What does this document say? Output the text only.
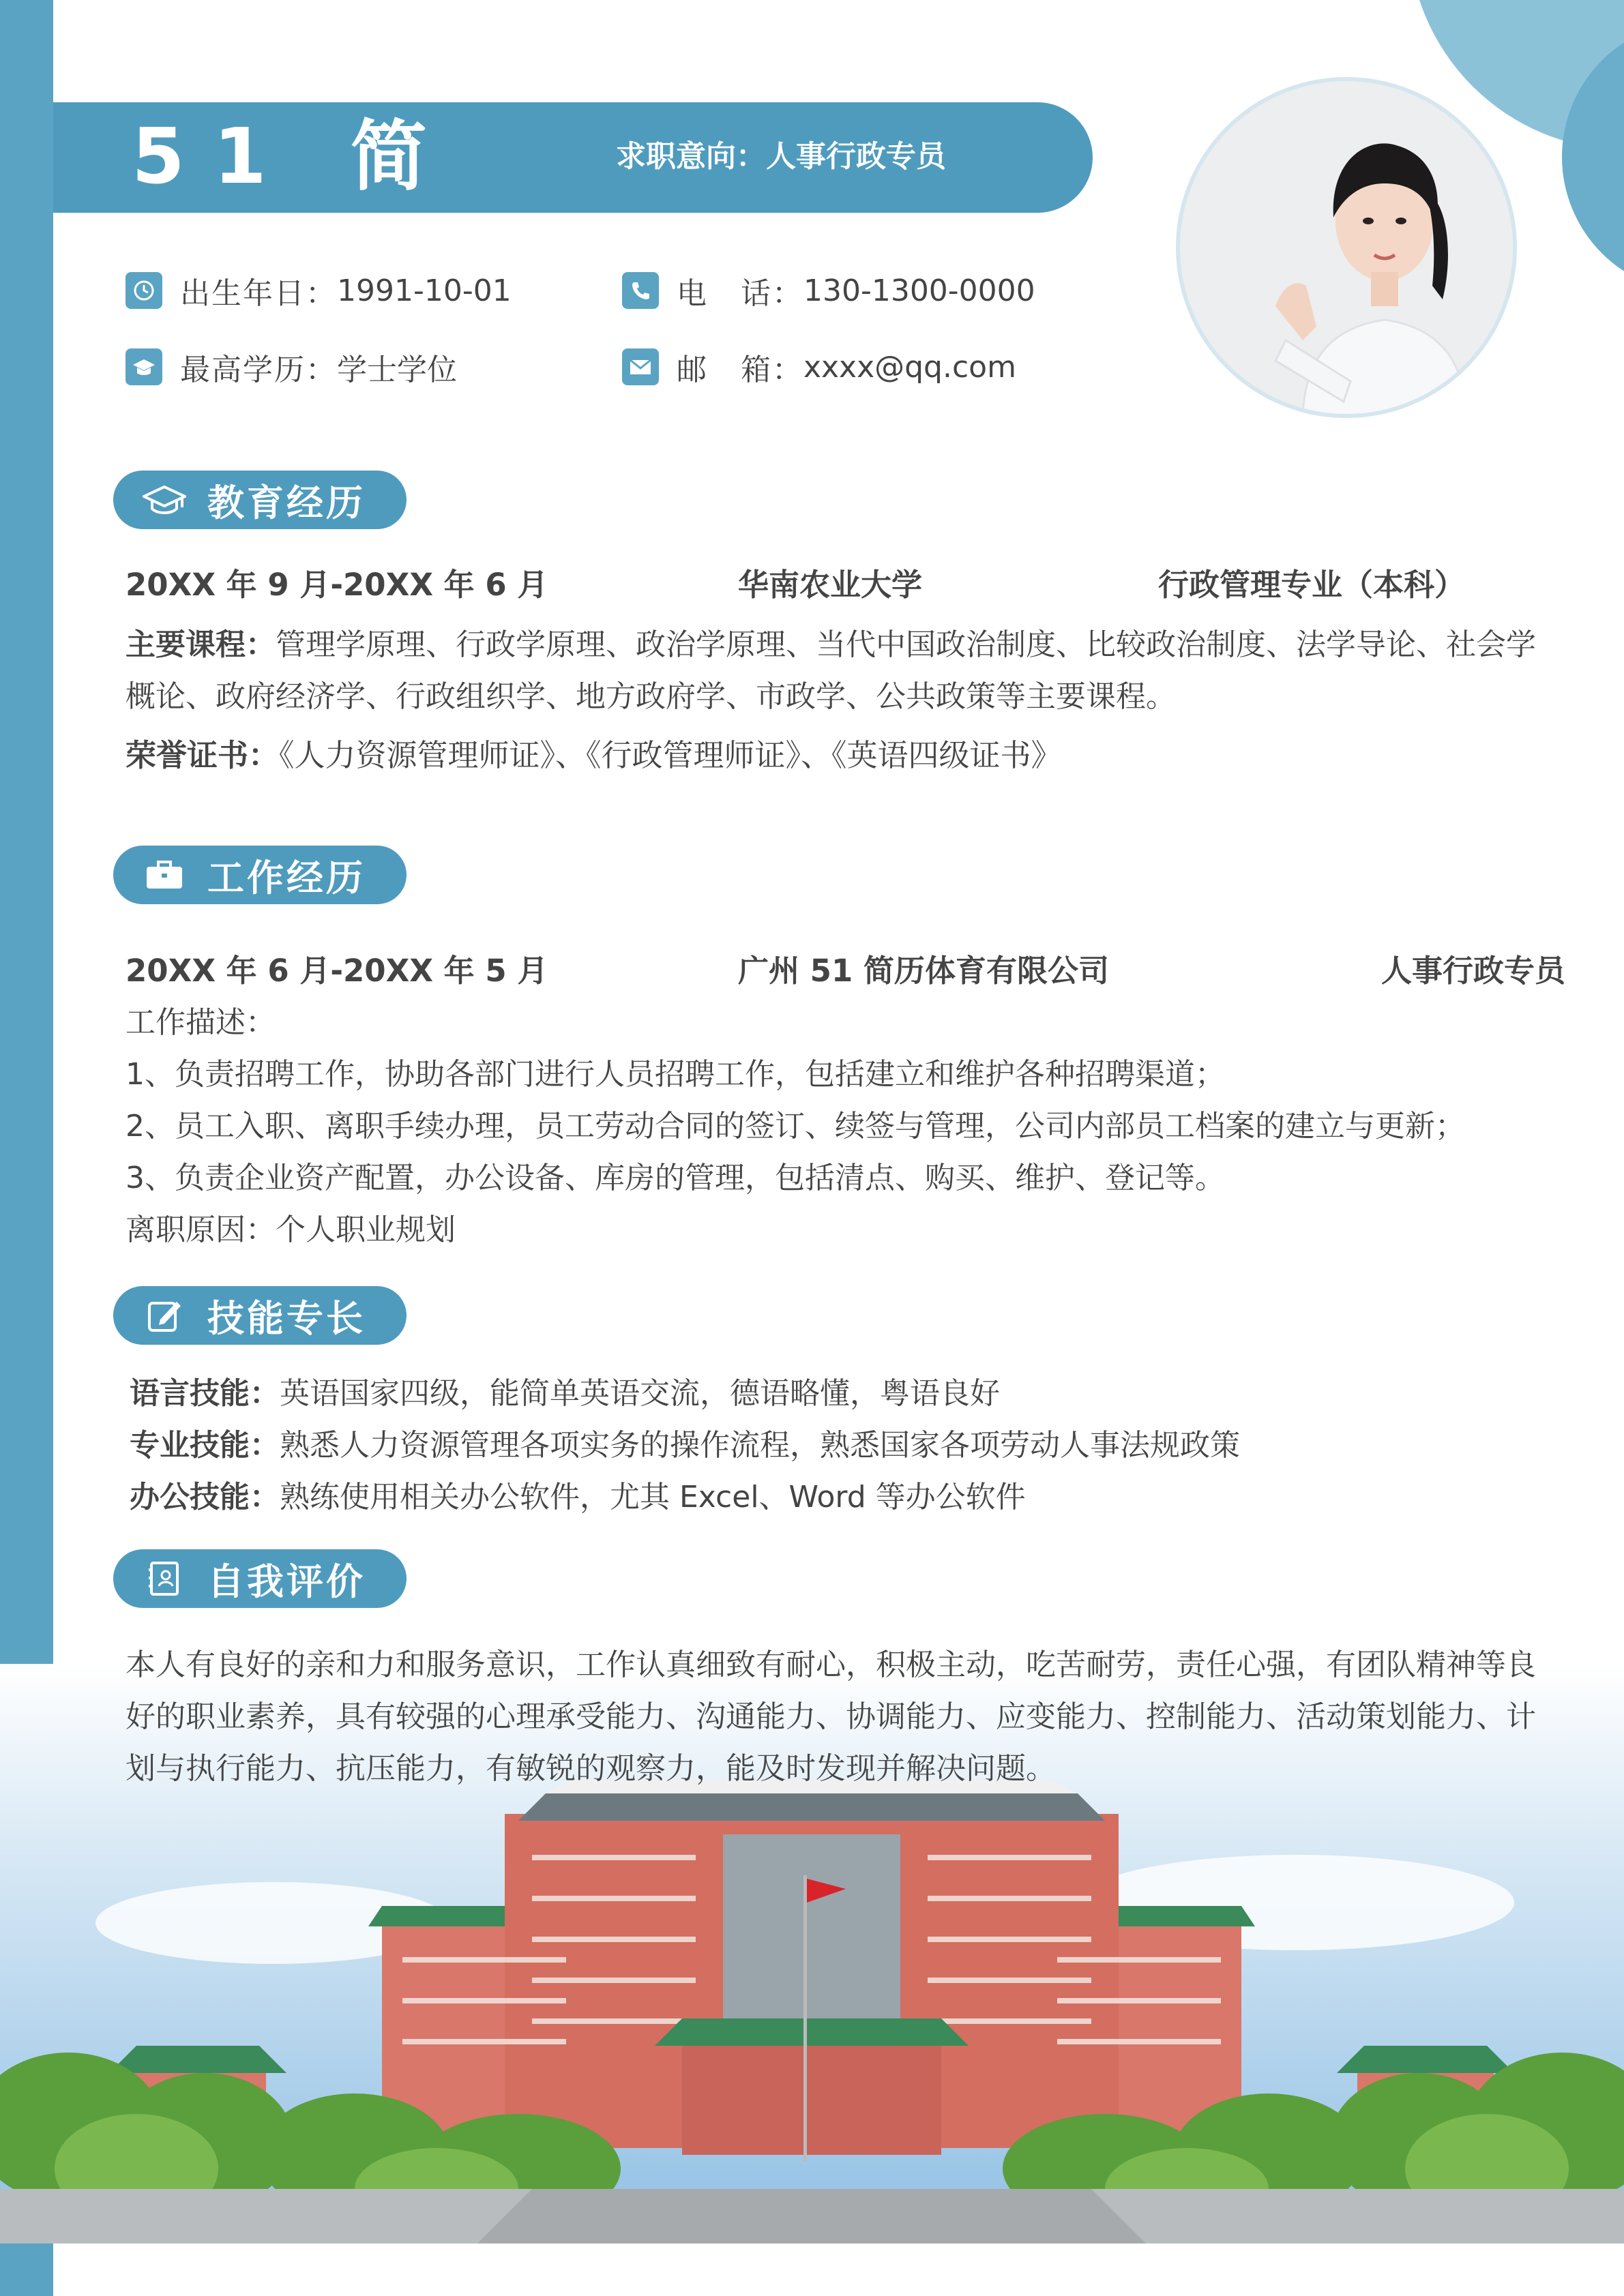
51 简	求职意向：人事行政专员
出生年日： 1991-10-01	电   话： 130-1300-0000
最高学历： 学士学位	邮   箱： xxxx@qq.com
教育经历
20XX 年 9 月-20XX 年 6 月	华南农业大学	行政管理专业（本科）
主要课程：管理学原理、行政学原理、政治学原理、当代中国政治制度、比较政治制度、法学导论、社会学
概论、政府经济学、行政组织学、地方政府学、市政学、公共政策等主要课程。
荣誉证书：《人力资源管理师证》、《行政管理师证》、《英语四级证书》
工作经历
20XX 年 6 月-20XX 年 5 月	广州 51 简历体育有限公司	人事行政专员
工作描述：
1、负责招聘工作，协助各部门进行人员招聘工作，包括建立和维护各种招聘渠道；
2、员工入职、离职手续办理，员工劳动合同的签订、续签与管理，公司内部员工档案的建立与更新；
3、负责企业资产配置，办公设备、库房的管理，包括清点、购买、维护、登记等。
离职原因：个人职业规划
技能专长
语言技能：英语国家四级，能简单英语交流，德语略懂，粤语良好
专业技能：熟悉人力资源管理各项实务的操作流程，熟悉国家各项劳动人事法规政策
办公技能：熟练使用相关办公软件，尤其 Excel、Word 等办公软件
自我评价
本人有良好的亲和力和服务意识，工作认真细致有耐心，积极主动，吃苦耐劳，责任心强，有团队精神等良
好的职业素养，具有较强的心理承受能力、沟通能力、协调能力、应变能力、控制能力、活动策划能力、计
划与执行能力、抗压能力，有敏锐的观察力，能及时发现并解决问题。
